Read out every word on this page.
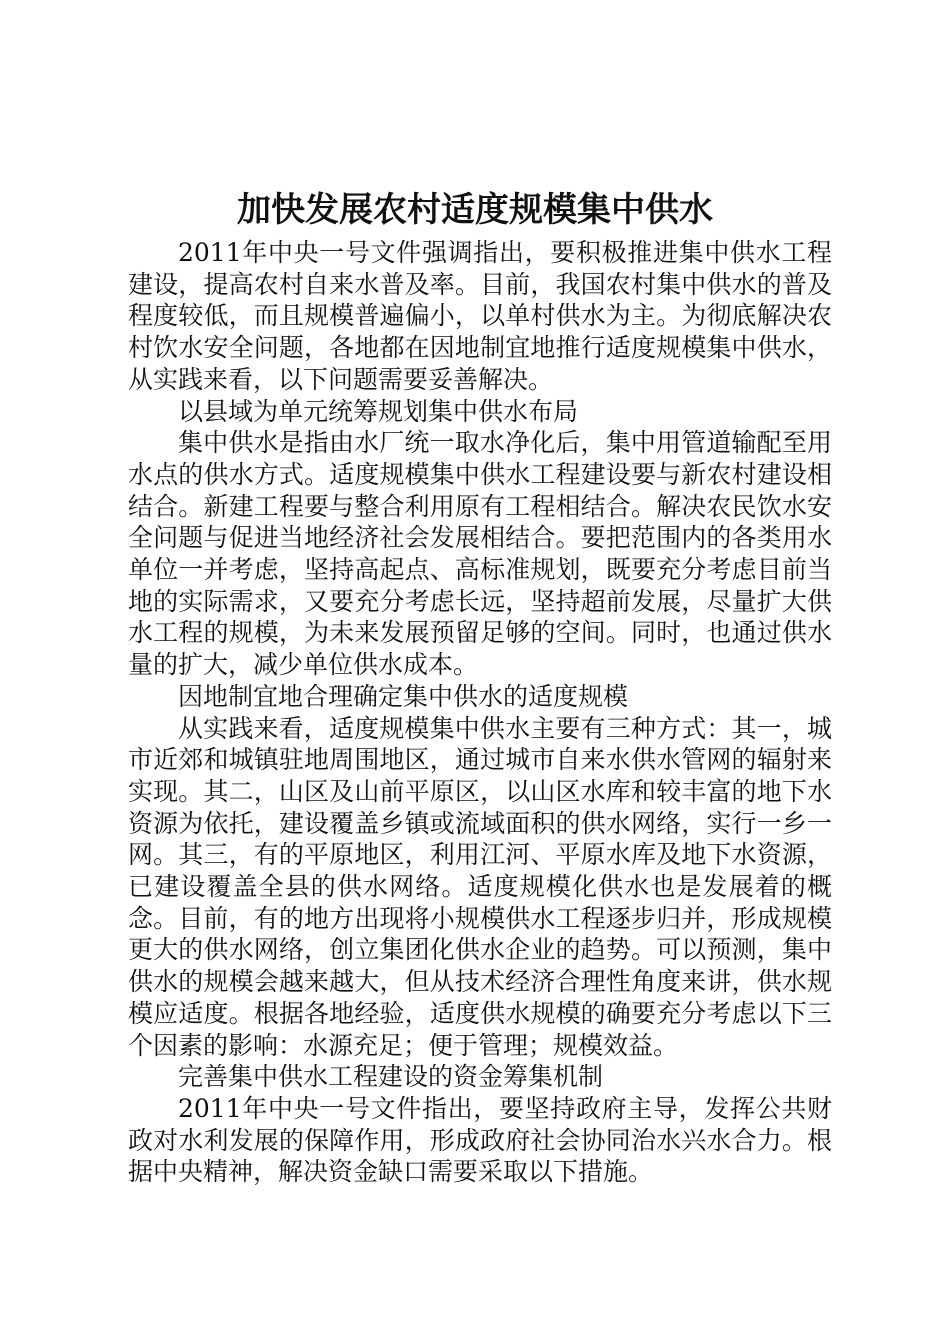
加快发展农村适度规模集中供水

2011年中央一号文件强调指出，要积极推进集中供水工程建设，提高农村自来水普及率。目前，我国农村集中供水的普及程度较低，而且规模普遍偏小，以单村供水为主。为彻底解决农村饮水安全问题，各地都在因地制宜地推行适度规模集中供水，从实践来看，以下问题需要妥善解决。

以县域为单元统筹规划集中供水布局

集中供水是指由水厂统一取水净化后，集中用管道输配至用水点的供水方式。适度规模集中供水工程建设要与新农村建设相结合。新建工程要与整合利用原有工程相结合。解决农民饮水安全问题与促进当地经济社会发展相结合。要把范围内的各类用水单位一并考虑，坚持高起点、高标准规划，既要充分考虑目前当地的实际需求，又要充分考虑长远，坚持超前发展，尽量扩大供水工程的规模，为未来发展预留足够的空间。同时，也通过供水量的扩大，减少单位供水成本。

因地制宜地合理确定集中供水的适度规模

从实践来看，适度规模集中供水主要有三种方式：其一，城市近郊和城镇驻地周围地区，通过城市自来水供水管网的辐射来实现。其二，山区及山前平原区，以山区水库和较丰富的地下水资源为依托，建设覆盖乡镇或流域面积的供水网络，实行一乡一网。其三，有的平原地区，利用江河、平原水库及地下水资源，已建设覆盖全县的供水网络。适度规模化供水也是发展着的概念。目前，有的地方出现将小规模供水工程逐步归并，形成规模更大的供水网络，创立集团化供水企业的趋势。可以预测，集中供水的规模会越来越大，但从技术经济合理性角度来讲，供水规模应适度。根据各地经验，适度供水规模的确要充分考虑以下三个因素的影响：水源充足；便于管理；规模效益。

完善集中供水工程建设的资金筹集机制

2011年中央一号文件指出，要坚持政府主导，发挥公共财政对水利发展的保障作用，形成政府社会协同治水兴水合力。根据中央精神，解决资金缺口需要采取以下措施。
